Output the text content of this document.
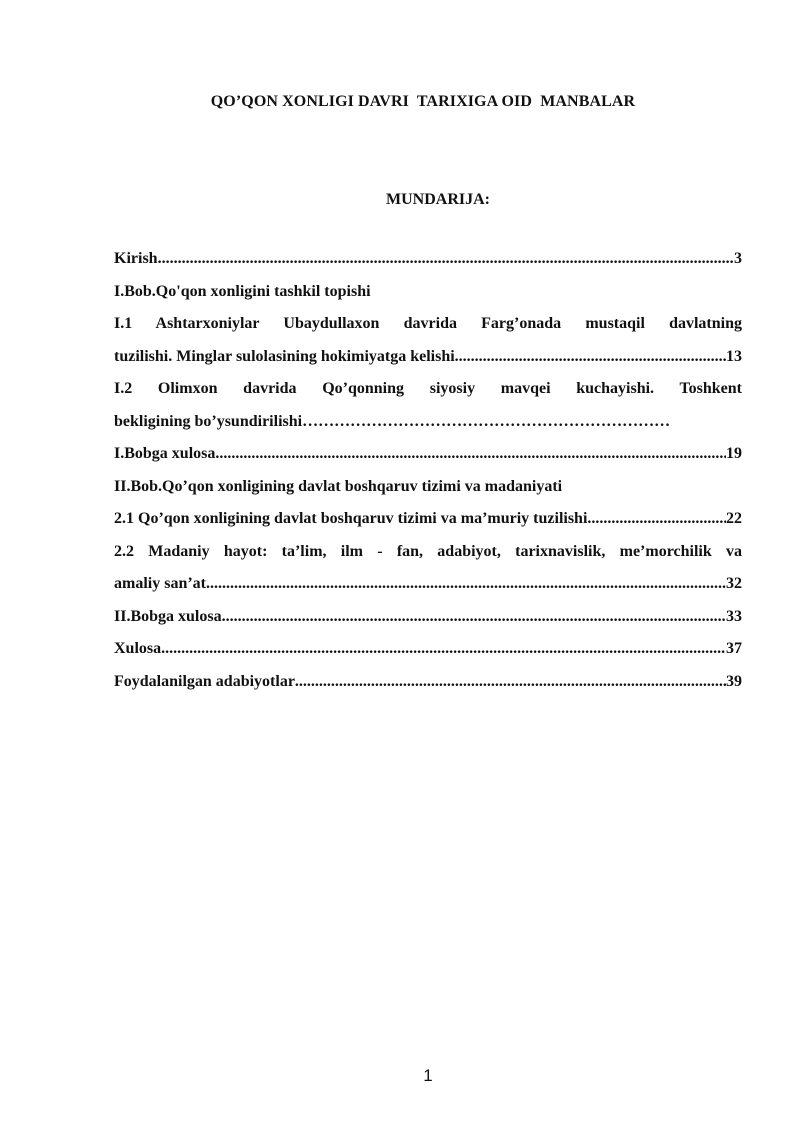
QO’QON XONLIGI DAVRI  TARIXIGA OID  MANBALAR
MUNDARIJA:
Kirish .....	3
I.Bob.Qo'qon xonligini tashkil topishi
I.1 Ashtarxoniylar Ubaydullaxon davrida Farg’onada mustaqil davlatning
tuzilishi. Minglar sulolasining hokimiyatga kelishi .....	13
I.2 Olimxon davrida Qo’qonning siyosiy mavqei kuchayishi. Toshkent
bekligining bo’ysundirilishi……………………………………………………………
I.Bobga xulosa .....	19
II.Bob.Qo’qon xonligining davlat boshqaruv tizimi va madaniyati
2.1 Qo’qon xonligining davlat boshqaruv tizimi va ma’muriy tuzilishi .....	22
2.2 Madaniy hayot: ta’lim, ilm - fan, adabiyot, tarixnavislik, me’morchilik va
amaliy san’at .....	32
II.Bobga xulosa .....	33
Xulosa .....	37
Foydalanilgan adabiyotlar .....	39
1
